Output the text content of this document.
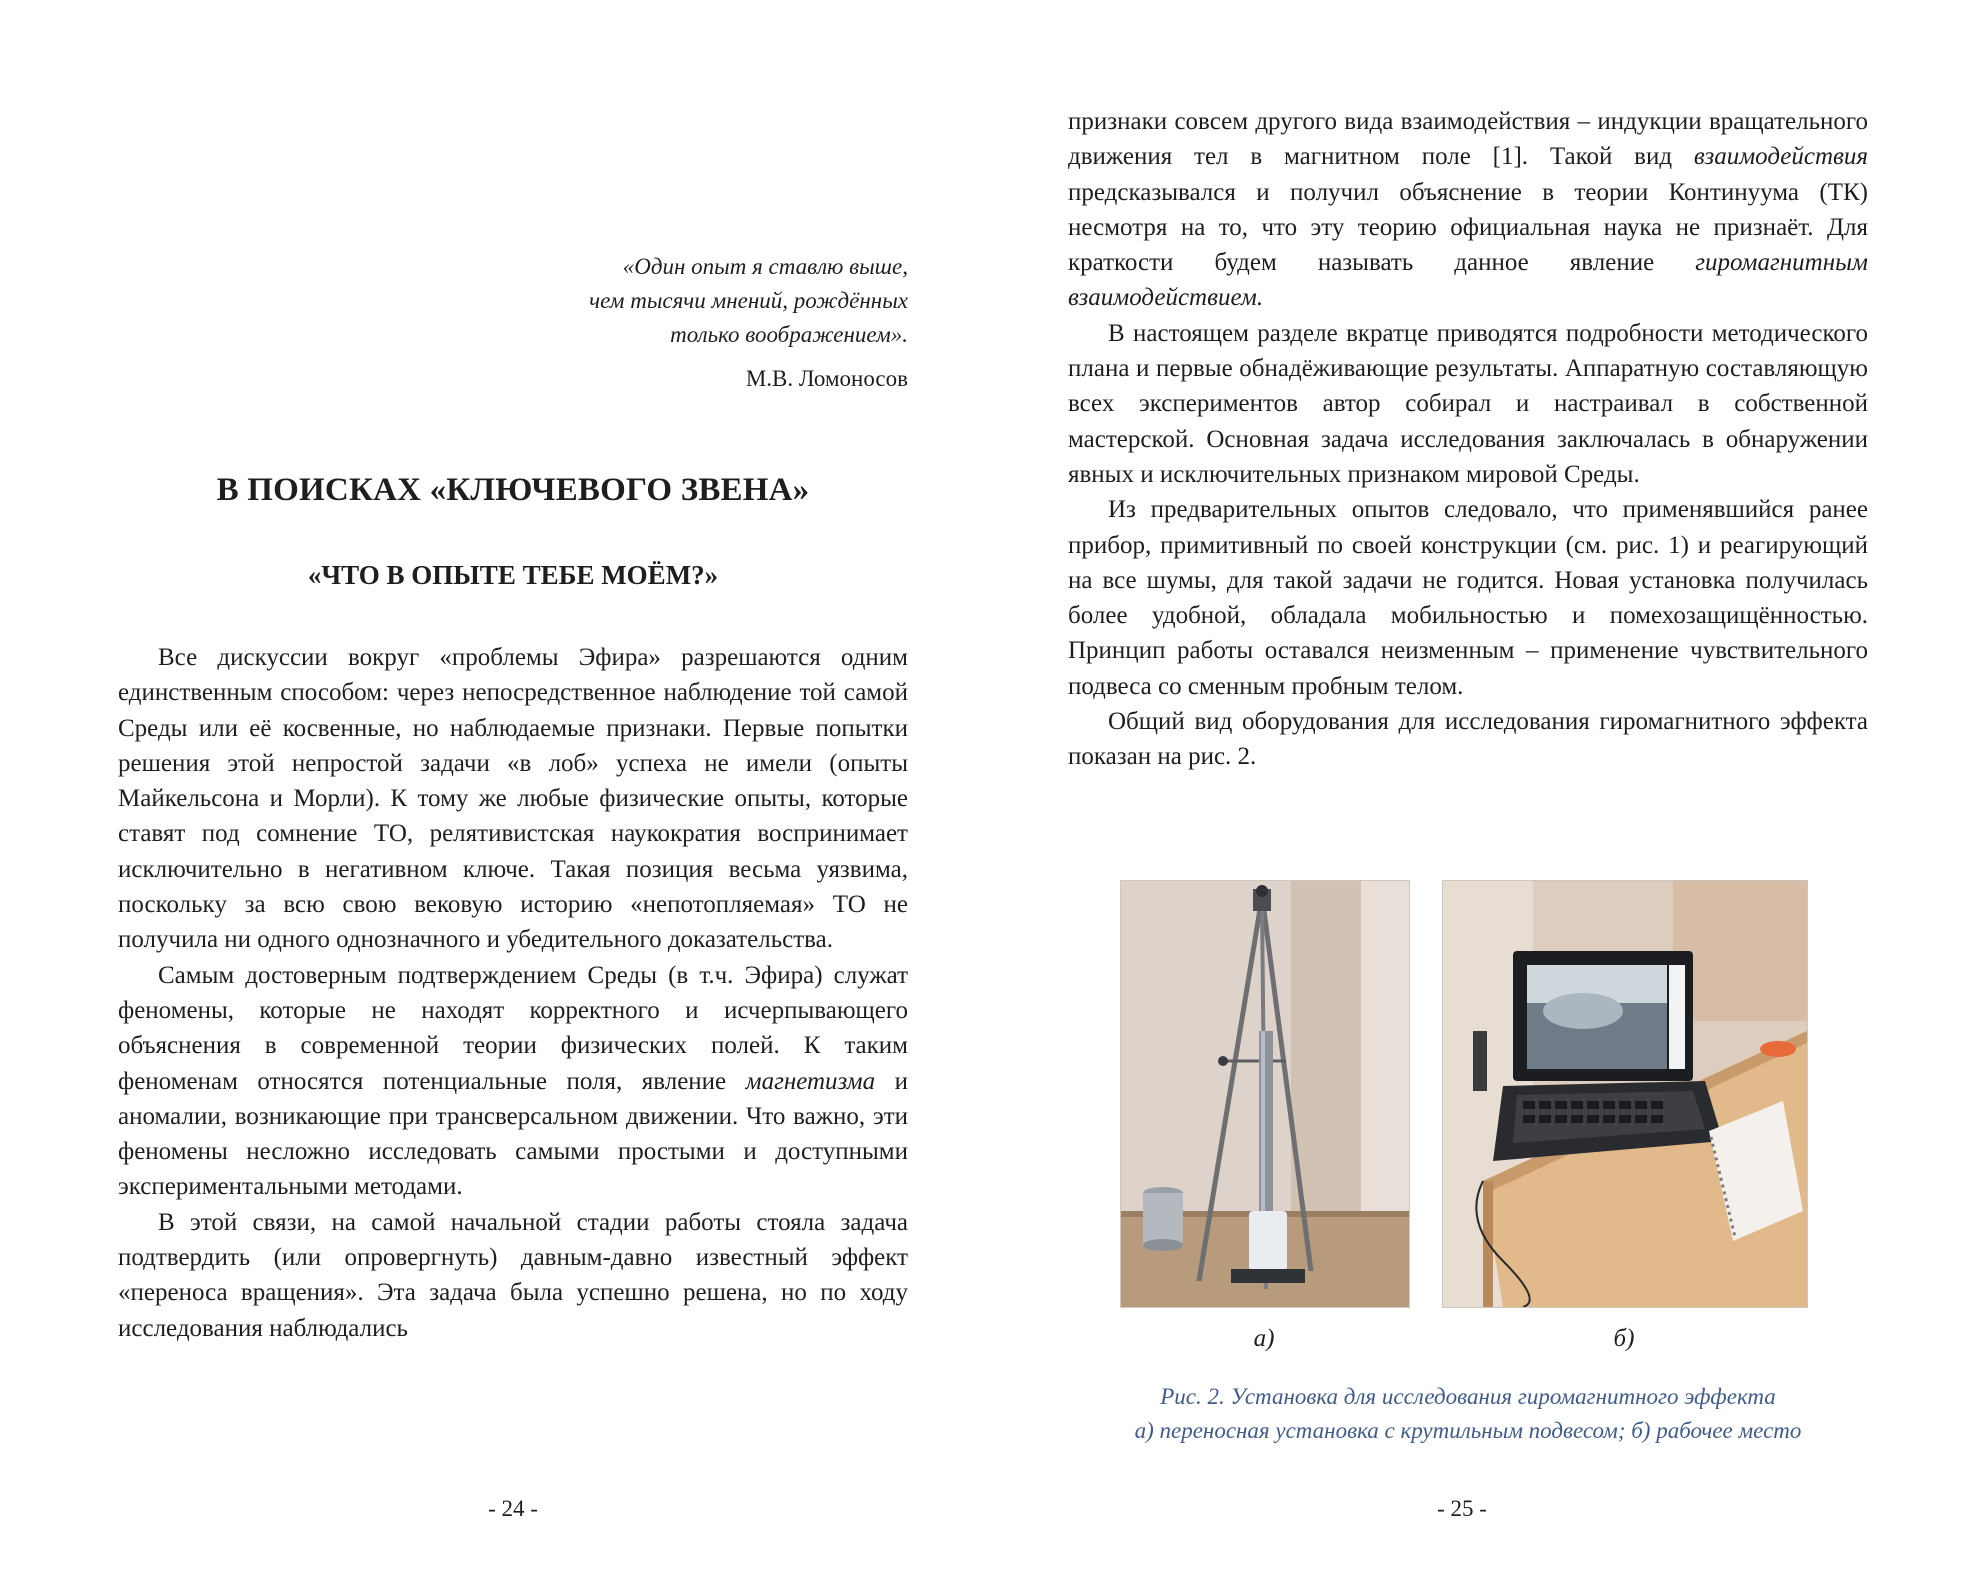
«Один опыт я ставлю выше,
чем тысячи мнений, рождённых
только воображением».
М.В. Ломоносов
В ПОИСКАХ «КЛЮЧЕВОГО ЗВЕНА»
«ЧТО В ОПЫТЕ ТЕБЕ МОЁМ?»

Все дискуссии вокруг «проблемы Эфира» разрешаются одним единственным способом: через непосредственное наблюдение той самой Среды или её косвенные, но наблюдаемые признаки. Первые попытки решения этой непростой задачи «в лоб» успеха не имели (опыты Майкельсона и Морли). К тому же любые физические опыты, которые ставят под сомнение ТО, релятивистская наукократия воспринимает исключительно в негативном ключе. Такая позиция весьма уязвима, поскольку за всю свою вековую историю «непотопляемая» ТО не получила ни одного однозначного и убедительного доказательства.

Самым достоверным подтверждением Среды (в т.ч. Эфира) служат феномены, которые не находят корректного и исчерпывающего объяснения в современной теории физических полей. К таким феноменам относятся потенциальные поля, явление магнетизма и аномалии, возникающие при трансверсальном движении. Что важно, эти феномены несложно исследовать самыми простыми и доступными экспериментальными методами.

В этой связи, на самой начальной стадии работы стояла задача подтвердить (или опровергнуть) давным-давно известный эффект «переноса вращения». Эта задача была успешно решена, но по ходу исследования наблюдались

- 24 -

признаки совсем другого вида взаимодействия – индукции вращательного движения тел в магнитном поле [1]. Такой вид взаимодействия предсказывался и получил объяснение в теории Континуума (ТК) несмотря на то, что эту теорию официальная наука не признаёт. Для краткости будем называть данное явление гиромагнитным взаимодействием.

В настоящем разделе вкратце приводятся подробности методического плана и первые обнадёживающие результаты. Аппаратную составляющую всех экспериментов автор собирал и настраивал в собственной мастерской. Основная задача исследования заключалась в обнаружении явных и исключительных признаком мировой Среды.

Из предварительных опытов следовало, что применявшийся ранее прибор, примитивный по своей конструкции (см. рис. 1) и реагирующий на все шумы, для такой задачи не годится. Новая установка получилась более удобной, обладала мобильностью и помехозащищённостью. Принцип работы оставался неизменным – применение чувствительного подвеса со сменным пробным телом.

Общий вид оборудования для исследования гиромагнитного эффекта показан на рис. 2.

а)	б)
Рис. 2. Установка для исследования гиромагнитного эффекта
а) переносная установка с крутильным подвесом; б) рабочее место
- 25 -
